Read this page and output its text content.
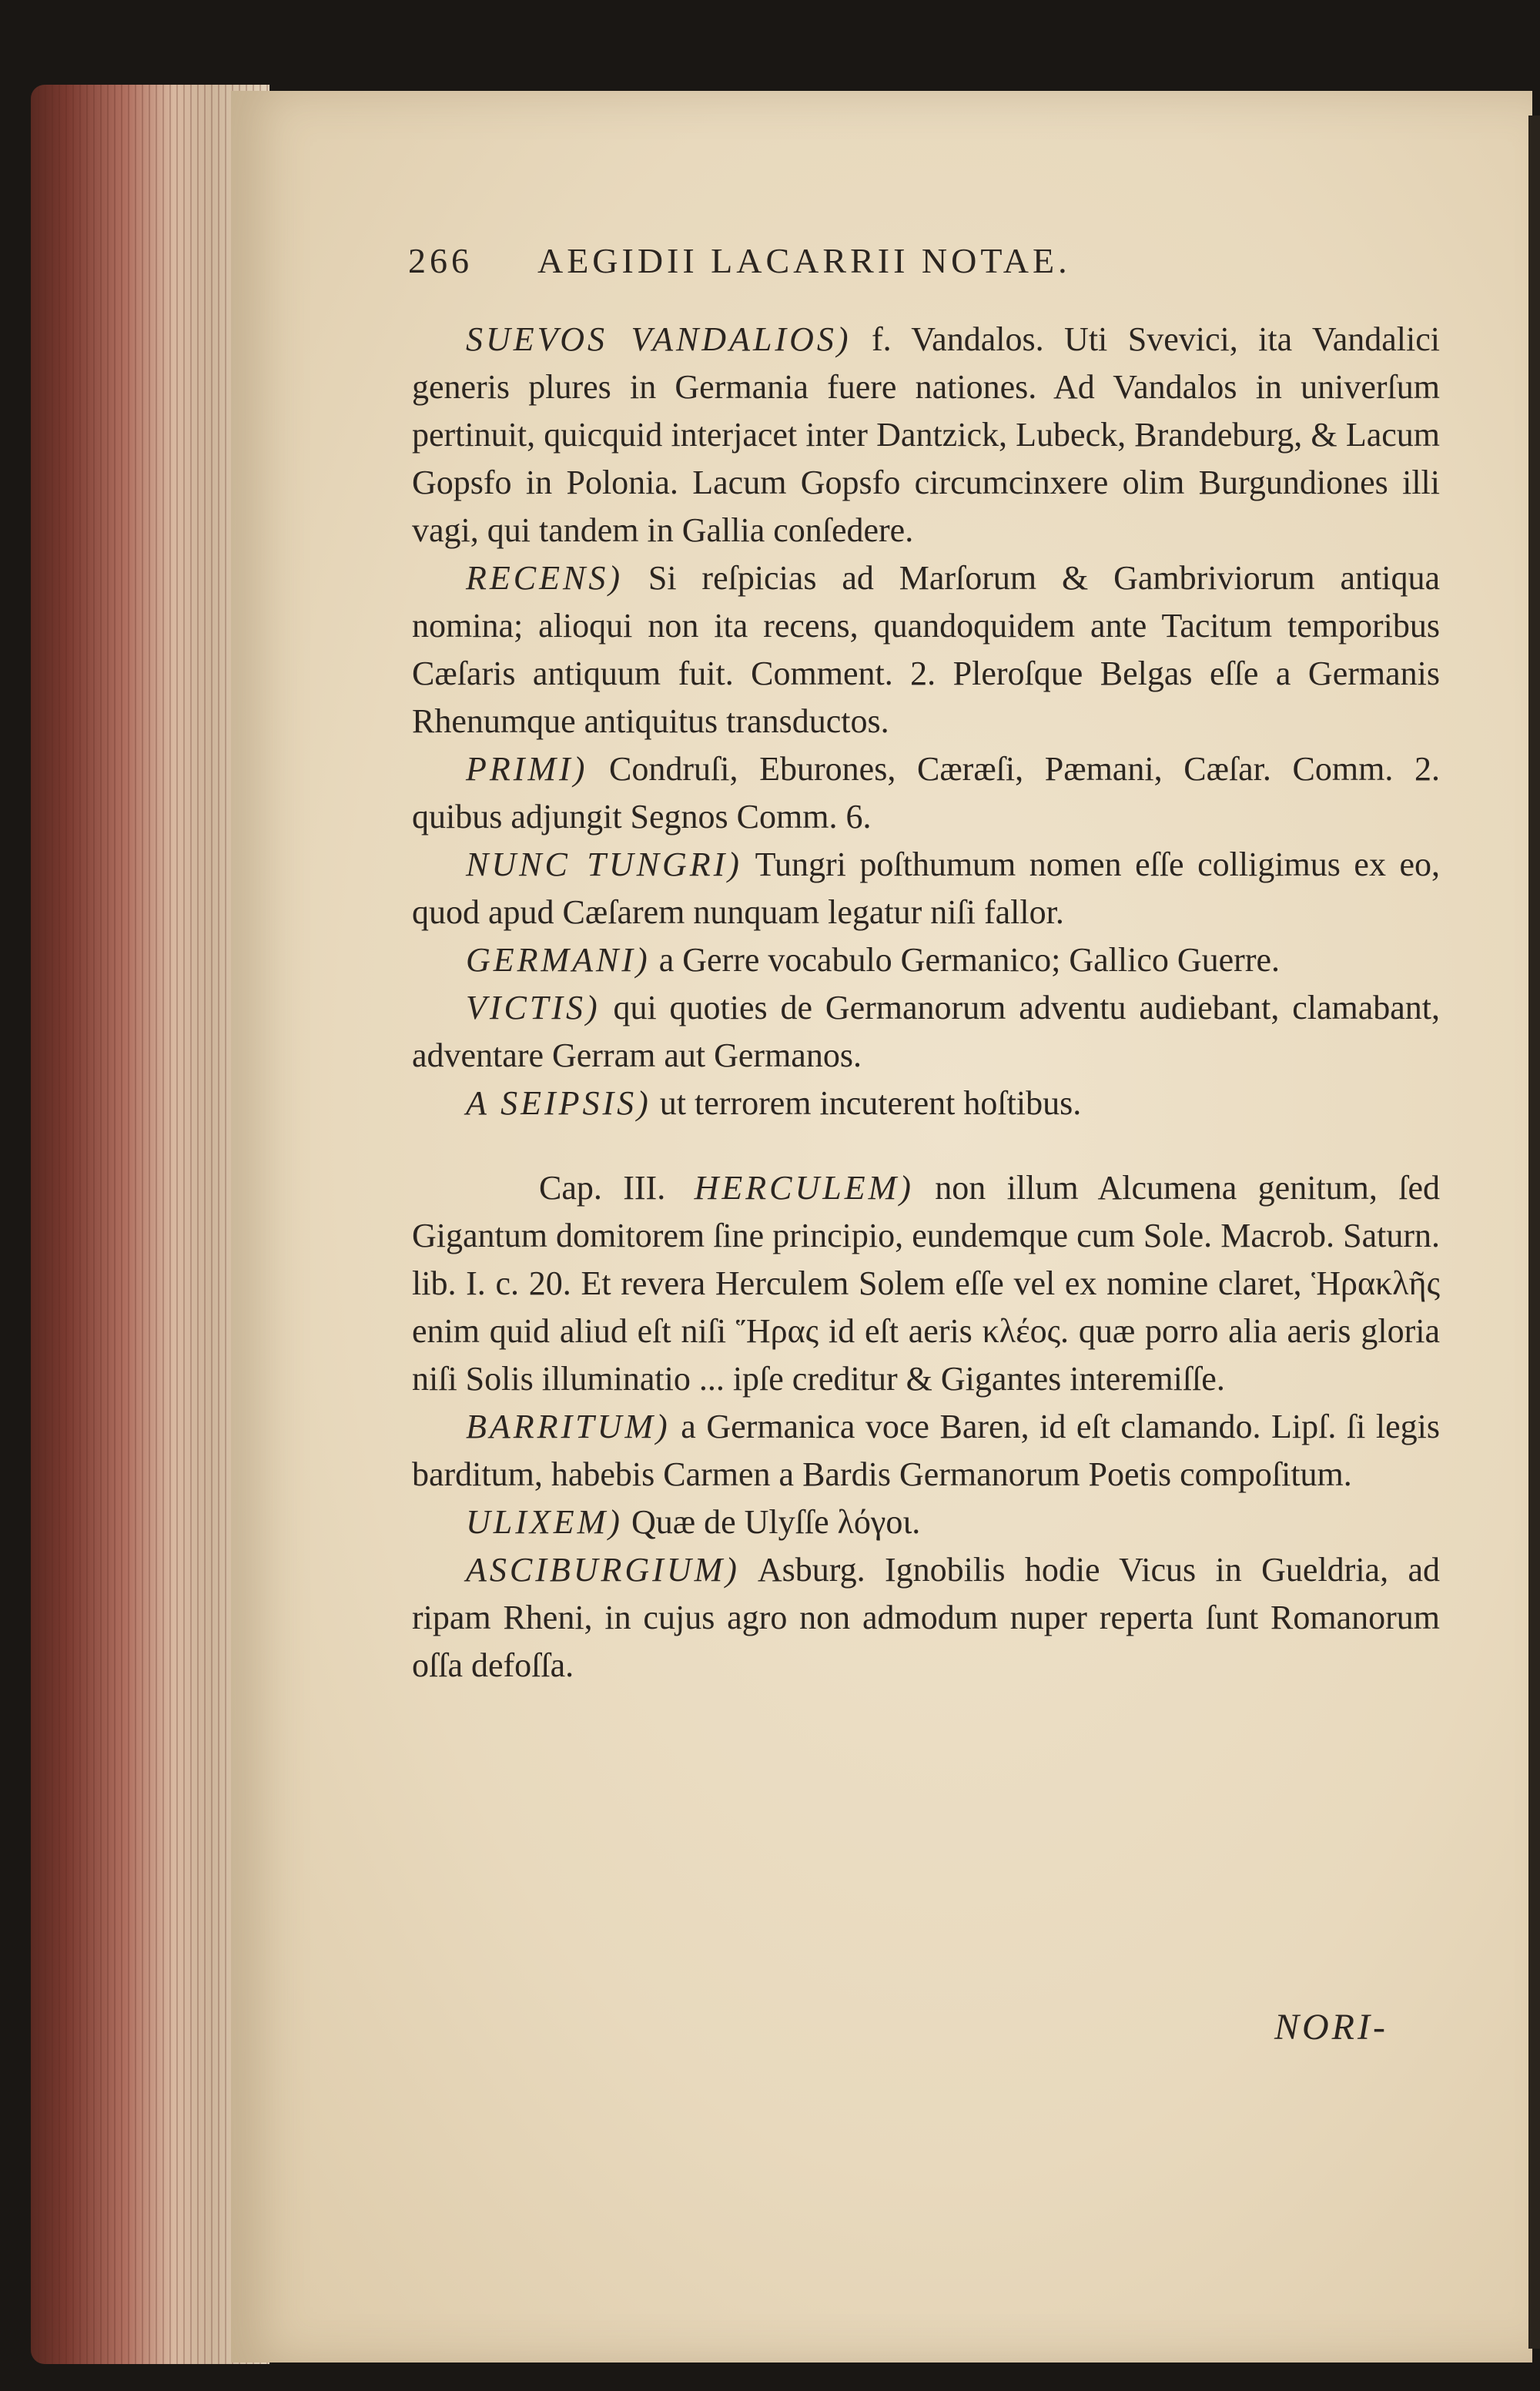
266 AEGIDII LACARRII NOTAE.

SUEVOS VANDALIOS) f. Vandalos. Uti Svevici, ita Vandalici generis plures in Germania fuere nationes. Ad Vandalos in univerſum pertinuit, quicquid interjacet inter Dantzick, Lubeck, Brandeburg, & Lacum Gopsfo in Polonia. Lacum Gopsfo circumcinxere olim Burgundiones illi vagi, qui tandem in Gallia conſedere.

RECENS) Si reſpicias ad Marſorum & Gambriviorum antiqua nomina; alioqui non ita recens, quandoquidem ante Tacitum temporibus Cæſaris antiquum fuit. Comment. 2. Pleroſque Belgas eſſe a Germanis Rhenumque antiquitus transductos.

PRIMI) Condruſi, Eburones, Cæræſi, Pæmani, Cæſar. Comm. 2. quibus adjungit Segnos Comm. 6.

NUNC TUNGRI) Tungri poſthumum nomen eſſe colligimus ex eo, quod apud Cæſarem nunquam legatur niſi fallor.

GERMANI) a Gerre vocabulo Germanico; Gallico Guerre.

VICTIS) qui quoties de Germanorum adventu audiebant, clamabant, adventare Gerram aut Germanos.

A SEIPSIS) ut terrorem incuterent hoſtibus.

Cap. III. HERCULEM) non illum Alcumena genitum, ſed Gigantum domitorem ſine principio, eundemque cum Sole. Macrob. Saturn. lib. I. c. 20. Et revera Herculem Solem eſſe vel ex nomine claret, Ἡρακλῆς enim quid aliud eſt niſi Ἥρας id eſt aeris κλέος. quæ porro alia aeris gloria niſi Solis illuminatio ... ipſe creditur & Gigantes interemiſſe.

BARRITUM) a Germanica voce Baren, id eſt clamando. Lipſ. ſi legis barditum, habebis Carmen a Bardis Germanorum Poetis compoſitum.

ULIXEM) Quæ de Ulyſſe λόγοι.

ASCIBURGIUM) Asburg. Ignobilis hodie Vicus in Gueldria, ad ripam Rheni, in cujus agro non admodum nuper reperta ſunt Romanorum oſſa defoſſa.

NORI-
